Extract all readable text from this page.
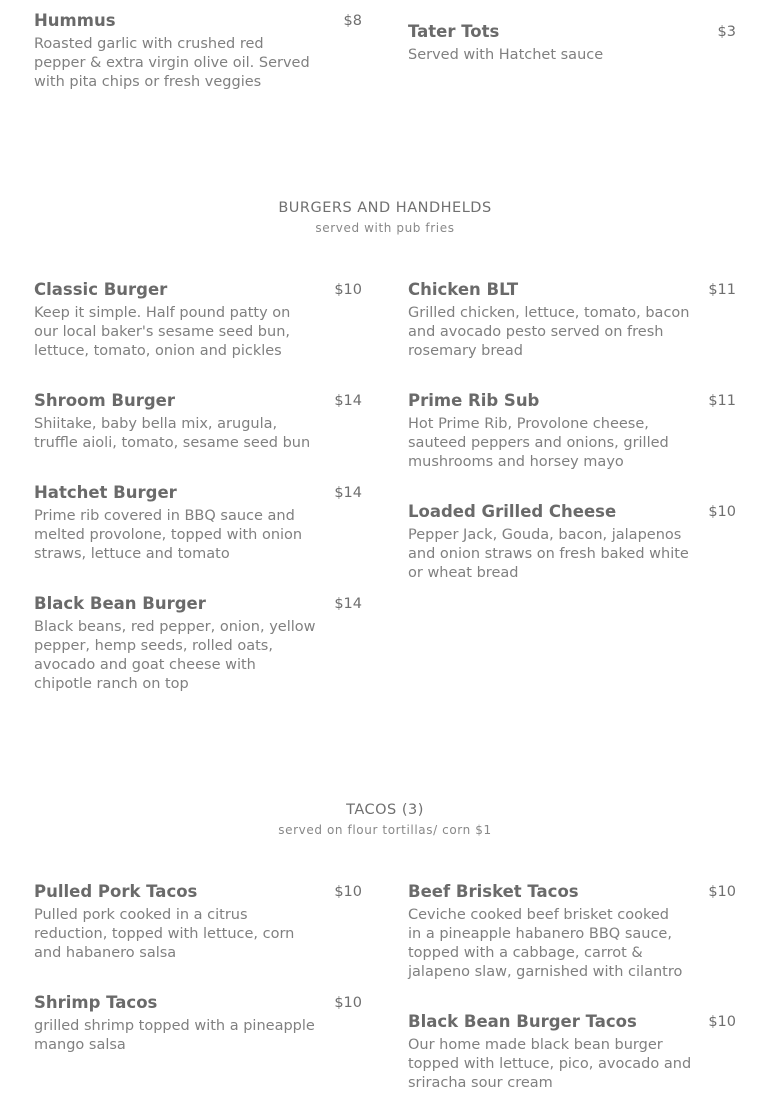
Hummus	$8
Roasted garlic with crushed red
pepper & extra virgin olive oil. Served
with pita chips or fresh veggies
Tater Tots	$3
Served with Hatchet sauce
BURGERS AND HANDHELDS
served with pub fries
Classic Burger	$10
Keep it simple. Half pound patty on
our local baker's sesame seed bun,
lettuce, tomato, onion and pickles
Shroom Burger	$14
Shiitake, baby bella mix, arugula,
truffle aioli, tomato, sesame seed bun
Hatchet Burger	$14
Prime rib covered in BBQ sauce and
melted provolone, topped with onion
straws, lettuce and tomato
Black Bean Burger	$14
Black beans, red pepper, onion, yellow
pepper, hemp seeds, rolled oats,
avocado and goat cheese with
chipotle ranch on top
Chicken BLT	$11
Grilled chicken, lettuce, tomato, bacon
and avocado pesto served on fresh
rosemary bread
Prime Rib Sub	$11
Hot Prime Rib, Provolone cheese,
sauteed peppers and onions, grilled
mushrooms and horsey mayo
Loaded Grilled Cheese	$10
Pepper Jack, Gouda, bacon, jalapenos
and onion straws on fresh baked white
or wheat bread
TACOS (3)
served on flour tortillas/ corn $1
Pulled Pork Tacos	$10
Pulled pork cooked in a citrus
reduction, topped with lettuce, corn
and habanero salsa
Shrimp Tacos	$10
grilled shrimp topped with a pineapple
mango salsa
Beef Brisket Tacos	$10
Ceviche cooked beef brisket cooked
in a pineapple habanero BBQ sauce,
topped with a cabbage, carrot &
jalapeno slaw, garnished with cilantro
Black Bean Burger Tacos	$10
Our home made black bean burger
topped with lettuce, pico, avocado and
sriracha sour cream
